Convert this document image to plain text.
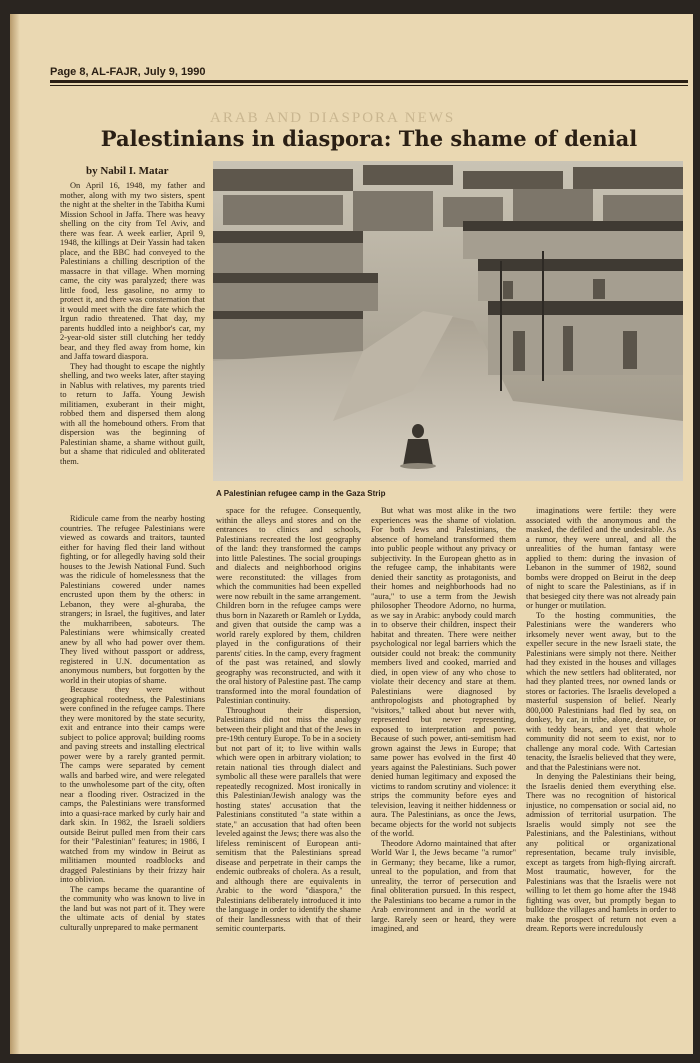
Page 8, AL-FAJR, July 9, 1990
ARAB AND DIASPORA NEWS
Palestinians in diaspora: The shame of denial
by Nabil I. Matar

On April 16, 1948, my father and mother, along with my two sisters, spent the night at the shelter in the Tabitha Kumi Mission School in Jaffa. There was heavy shelling on the city from Tel Aviv, and there was fear. A week earlier, April 9, 1948, the killings at Deir Yassin had taken place, and the BBC had conveyed to the Palestinians a chilling description of the massacre in that village. When morning came, the city was paralyzed; there was little food, less gasoline, no army to protect it, and there was consternation that it would meet with the dire fate which the Irgun radio threatened. That day, my parents huddled into a neighbor's car, my 2-year-old sister still clutching her teddy bear, and they fled away from home, kin and Jaffa toward diaspora.

They had thought to escape the nightly shelling, and two weeks later, after staying in Nablus with relatives, my parents tried to return to Jaffa. Young Jewish militiamen, exuberant in their might, robbed them and dispersed them along with all the homebound others. From that dispersion was the beginning of Palestinian shame, a shame without guilt, but a shame that ridiculed and obliterated them.

A Palestinian refugee camp in the Gaza Strip

Ridicule came from the nearby hosting countries. The refugee Palestinians were viewed as cowards and traitors, taunted either for having fled their land without fighting, or for allegedly having sold their houses to the Jewish National Fund. Such was the ridicule of homelessness that the Palestinians cowered under names encrusted upon them by the others: in Lebanon, they were al-ghuraba, the strangers; in Israel, the fugitives, and later the mukharribeen, saboteurs. The Palestinians were whimsically created anew by all who had power over them. They lived without passport or address, registered in U.N. documentation as anonymous numbers, but forgotten by the world in their utopias of shame.

Because they were without geographical rootedness, the Palestinians were confined in the refugee camps. There they were monitored by the state security, exit and entrance into their camps were subject to police approval; building rooms and paving streets and installing electrical power were by a rarely granted permit. The camps were separated by cement walls and barbed wire, and were relegated to the unwholesome part of the city, often near a flooding river. Ostracized in the camps, the Palestinians were transformed into a quasi-race marked by curly hair and dark skin. In 1982, the Israeli soldiers outside Beirut pulled men from their cars for their "Palestinian" features; in 1986, I watched from my window in Beirut as militiamen mounted roadblocks and dragged Palestinians by their frizzy hair into oblivion.

The camps became the quarantine of the community who was known to live in the land but was not part of it. They were the ultimate acts of denial by states culturally unprepared to make permanent

space for the refugee. Consequently, within the alleys and stores and on the entrances to clinics and schools, Palestinians recreated the lost geography of the land: they transformed the camps into little Palestines. The social groupings and dialects and neighborhood origins were reconstituted: the villages from which the communities had been expelled were now rebuilt in the same arrangement. Children born in the refugee camps were thus born in Nazareth or Ramleh or Lydda, and given that outside the camp was a world rarely explored by them, children played in the configurations of their parents' cities. In the camp, every fragment of the past was retained, and slowly geography was reconstructed, and with it the oral history of Palestine past. The camp transformed into the moral foundation of Palestinian continuity.

Throughout their dispersion, Palestinians did not miss the analogy between their plight and that of the Jews in pre-19th century Europe. To be in a society but not part of it; to live within walls which were open in arbitrary violation; to retain national ties through dialect and symbolic all these were parallels that were repeatedly recognized. Most ironically in this Palestinian/Jewish analogy was the hosting states' accusation that the Palestinians constituted "a state within a state," an accusation that had often been leveled against the Jews; there was also the lifeless reminiscent of European anti-semitism that the Palestinians spread disease and perpetrate in their camps the endemic outbreaks of cholera. As a result, and although there are equivalents in Arabic to the word "diaspora," the Palestinians deliberately introduced it into the language in order to identify the shame of their landlessness with that of their semitic counterparts.

But what was most alike in the two experiences was the shame of violation. For both Jews and Palestinians, the absence of homeland transformed them into public people without any privacy or subjectivity. In the European ghetto as in the refugee camp, the inhabitants were denied their sanctity as protagonists, and their homes and neighborhoods had no "aura," to use a term from the Jewish philosopher Theodore Adorno, no hurma, as we say in Arabic: anybody could march in to observe their children, inspect their habitat and threaten. There were neither psychological nor legal barriers which the outsider could not break: the community members lived and cooked, married and died, in open view of any who chose to violate their decency and stare at them. Palestinians were diagnosed by anthropologists and photographed by "visitors," talked about but never with, represented but never representing, exposed to interpretation and power. Because of such power, anti-semitism had grown against the Jews in Europe; that same power has evolved in the first 40 years against the Palestinians. Such power denied human legitimacy and exposed the victims to random scrutiny and violence: it strips the community before eyes and television, leaving it neither hiddenness or aura. The Palestinians, as once the Jews, became objects for the world not subjects of the world.

Theodore Adorno maintained that after World War I, the Jews became "a rumor" in Germany; they became, like a rumor, unreal to the population, and from that unreality, the terror of persecution and final obliteration pursued. In this respect, the Palestinians too became a rumor in the Arab environment and in the world at large. Rarely seen or heard, they were imagined, and

imaginations were fertile: they were associated with the anonymous and the masked, the defiled and the undesirable. As a rumor, they were unreal, and all the unrealities of the human fantasy were applied to them: during the invasion of Lebanon in the summer of 1982, sound bombs were dropped on Beirut in the deep of night to scare the Palestinians, as if in that besieged city there was not already pain or hunger or mutilation.

To the hosting communities, the Palestinians were the wanderers who irksomely never went away, but to the expeller secure in the new Israeli state, the Palestinians were simply not there. Neither had they existed in the houses and villages which the new settlers had obliterated, nor had they planted trees, nor owned lands or stores or factories. The Israelis developed a masterful suspension of belief. Nearly 800,000 Palestinians had fled by sea, on donkey, by car, in tribe, alone, destitute, or with teddy bears, and yet that whole community did not seem to exist, nor to challenge any moral code. With Cartesian tenacity, the Israelis believed that they were, and that the Palestinians were not.

In denying the Palestinians their being, the Israelis denied them everything else. There was no recognition of historical injustice, no compensation or social aid, no admission of territorial usurpation. The Israelis would simply not see the Palestinians, and the Palestinians, without any political or organizational representation, became truly invisible, except as targets from high-flying aircraft. Most traumatic, however, for the Palestinians was that the Israelis were not willing to let them go home after the 1948 fighting was over, but promptly began to bulldoze the villages and hamlets in order to make the prospect of return not even a dream. Reports were incredulously
